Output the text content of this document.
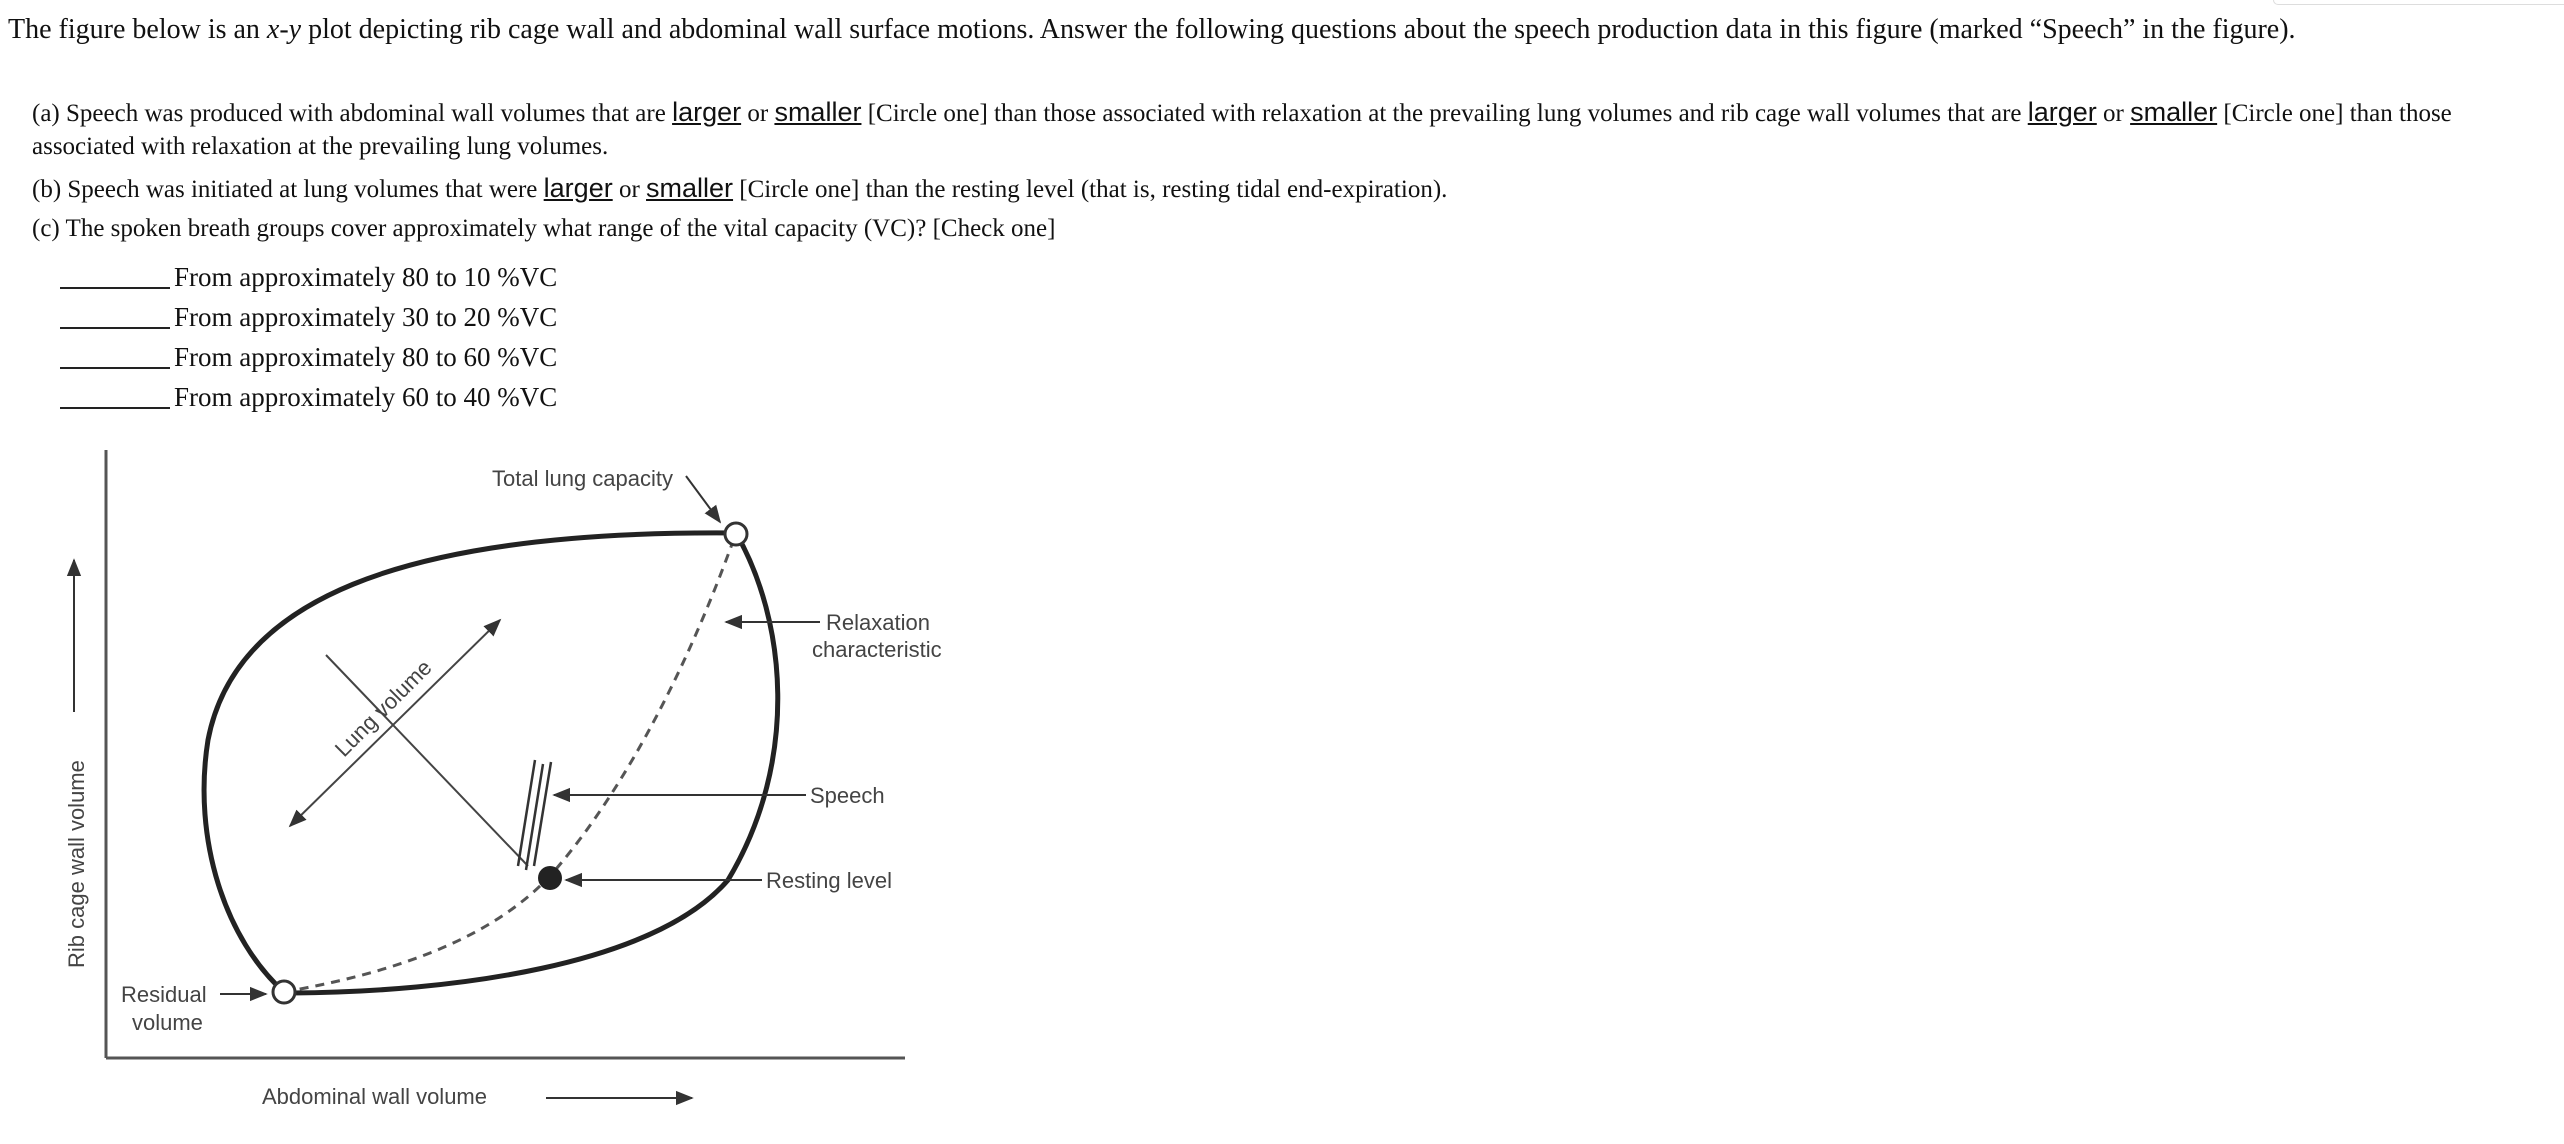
The figure below is an x-y plot depicting rib cage wall and abdominal wall surface motions. Answer the following questions about the speech production data in this figure (marked “Speech” in the figure).
(a) Speech was produced with abdominal wall volumes that are larger or smaller [Circle one] than those associated with relaxation at the prevailing lung volumes and rib cage wall volumes that are larger or smaller [Circle one] than those associated with relaxation at the prevailing lung volumes.
(b) Speech was initiated at lung volumes that were larger or smaller [Circle one] than the resting level (that is, resting tidal end-expiration).
(c) The spoken breath groups cover approximately what range of the vital capacity (VC)? [Check one]
From approximately 80 to 10 %VC
From approximately 30 to 20 %VC
From approximately 80 to 60 %VC
From approximately 60 to 40 %VC
Rib cage wall volume
Abdominal wall volume
Lung volume
Total lung capacity
Relaxation
characteristic
Speech
Resting level
Residual
volume
